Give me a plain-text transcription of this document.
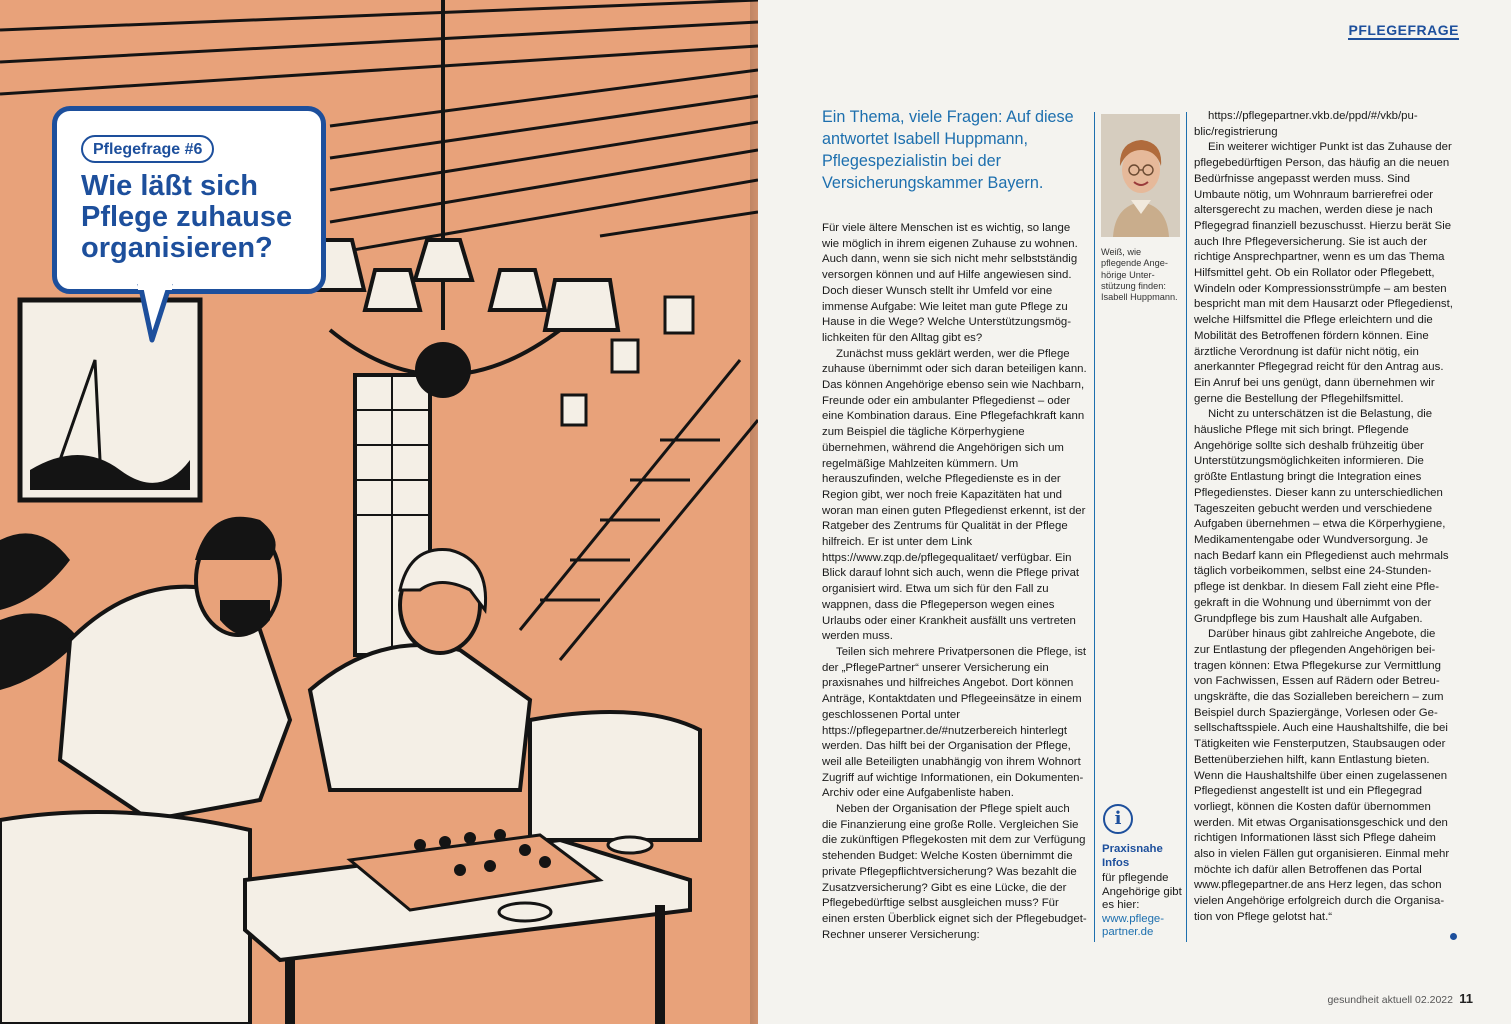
Pflegefrage #6
Wie läßt sich Pflege zuhause organisieren?
PFLEGEFRAGE
Ein Thema, viele Fragen: Auf diese antwortet Isabell Huppmann, Pflegespezialistin bei der Versicherungskammer Bayern.
Weiß, wie pflegende Angehörige Unterstützung finden: Isabell Huppmann.

Für viele ältere Menschen ist es wichtig, so lange wie möglich in ihrem eigenen Zuhause zu wohnen. Auch dann, wenn sie sich nicht mehr selbstständig versorgen können und auf Hilfe angewiesen sind. Doch dieser Wunsch stellt ihr Umfeld vor eine immense Aufgabe: Wie leitet man gute Pflege zu Hause in die Wege? Welche Unterstützungsmöglichkeiten für den Alltag gibt es?

Zunächst muss geklärt werden, wer die Pflege zuhause übernimmt oder sich daran beteiligen kann. Das können Angehörige ebenso sein wie Nachbarn, Freunde oder ein ambulanter Pflegedienst – oder eine Kombination daraus. Eine Pflegefachkraft kann zum Beispiel die tägliche Körperhygiene übernehmen, während die Angehörigen sich um regelmäßige Mahlzeiten kümmern. Um herauszufinden, welche Pflegedienste es in der Region gibt, wer noch freie Kapazitäten hat und woran man einen guten Pflegedienst erkennt, ist der Ratgeber des Zentrums für Qualität in der Pflege hilfreich. Er ist unter dem Link https://www.zqp.de/pflegequalitaet/ verfügbar. Ein Blick darauf lohnt sich auch, wenn die Pflege privat organisiert wird. Etwa um sich für den Fall zu wappnen, dass die Pflegeperson wegen eines Urlaubs oder einer Krankheit ausfällt uns vertreten werden muss.

Teilen sich mehrere Privatpersonen die Pflege, ist der „PflegePartner“ unserer Versicherung ein praxisnahes und hilfreiches Angebot. Dort können Anträge, Kontaktdaten und Pflegeeinsätze in einem geschlossenen Portal unter https://pflegepartner.de/#nutzerbereich hinterlegt werden. Das hilft bei der Organisation der Pflege, weil alle Beteiligten unabhängig von ihrem Wohnort Zugriff auf wichtige Informationen, ein Dokumenten-Archiv oder eine Aufgabenliste haben.

Neben der Organisation der Pflege spielt auch die Finanzierung eine große Rolle. Vergleichen Sie die zukünftigen Pflegekosten mit dem zur Verfügung stehenden Budget: Welche Kosten übernimmt die private Pflegepflichtversicherung? Was bezahlt die Zusatzversicherung? Gibt es eine Lücke, die der Pflegebedürftige selbst ausgleichen muss? Für einen ersten Überblick eignet sich der Pflegebudget-Rechner unserer Versicherung:

i
Praxisnahe Infos
für pflegende Angehörige gibt es hier: www.pflegepartner.de

https://pflegepartner.vkb.de/ppd/#/vkb/public/registrierung

Ein weiterer wichtiger Punkt ist das Zuhause der pflegebedürftigen Person, das häufig an die neuen Bedürfnisse angepasst werden muss. Sind Umbaute nötig, um Wohnraum barrierefrei oder altersgerecht zu machen, werden diese je nach Pflegegrad finanziell bezuschusst. Hierzu berät Sie auch Ihre Pflegeversicherung. Sie ist auch der richtige Ansprechpartner, wenn es um das Thema Hilfsmittel geht. Ob ein Rollator oder Pflegebett, Windeln oder Kompressionsstrümpfe – am besten bespricht man mit dem Hausarzt oder Pflegedienst, welche Hilfsmittel die Pflege erleichtern und die Mobilität des Betroffenen fördern können. Eine ärztliche Verordnung ist dafür nicht nötig, ein anerkannter Pflegegrad reicht für den Antrag aus. Ein Anruf bei uns genügt, dann übernehmen wir gerne die Bestellung der Pflegehilfsmittel.

Nicht zu unterschätzen ist die Belastung, die häusliche Pflege mit sich bringt. Pflegende Angehörige sollte sich deshalb frühzeitig über Unterstützungsmöglichkeiten informieren. Die größte Entlastung bringt die Integration eines Pflegedienstes. Dieser kann zu unterschiedlichen Tageszeiten gebucht werden und verschiedene Aufgaben übernehmen – etwa die Körperhygiene, Medikamentengabe oder Wundversorgung. Je nach Bedarf kann ein Pflegedienst auch mehrmals täglich vorbeikommen, selbst eine 24-Stundenpflege ist denkbar. In diesem Fall zieht eine Pflegekraft in die Wohnung und übernimmt von der Grundpflege bis zum Haushalt alle Aufgaben.

Darüber hinaus gibt zahlreiche Angebote, die zur Entlastung der pflegenden Angehörigen beitragen können: Etwa Pflegekurse zur Vermittlung von Fachwissen, Essen auf Rädern oder Betreuungskräfte, die das Sozialleben bereichern – zum Beispiel durch Spaziergänge, Vorlesen oder Gesellschaftsspiele. Auch eine Haushaltshilfe, die bei Tätigkeiten wie Fensterputzen, Staubsaugen oder Bettenüberziehen hilft, kann Entlastung bieten. Wenn die Haushaltshilfe über einen zugelassenen Pflegedienst angestellt ist und ein Pflegegrad vorliegt, können die Kosten dafür übernommen werden. Mit etwas Organisationsgeschick und den richtigen Informationen lässt sich Pflege daheim also in vielen Fällen gut organisieren. Einmal mehr möchte ich dafür allen Betroffenen das Portal www.pflegepartner.de ans Herz legen, das schon vielen Angehörige erfolgreich durch die Organisation von Pflege gelotst hat.“

gesundheit aktuell 02.2022 11
